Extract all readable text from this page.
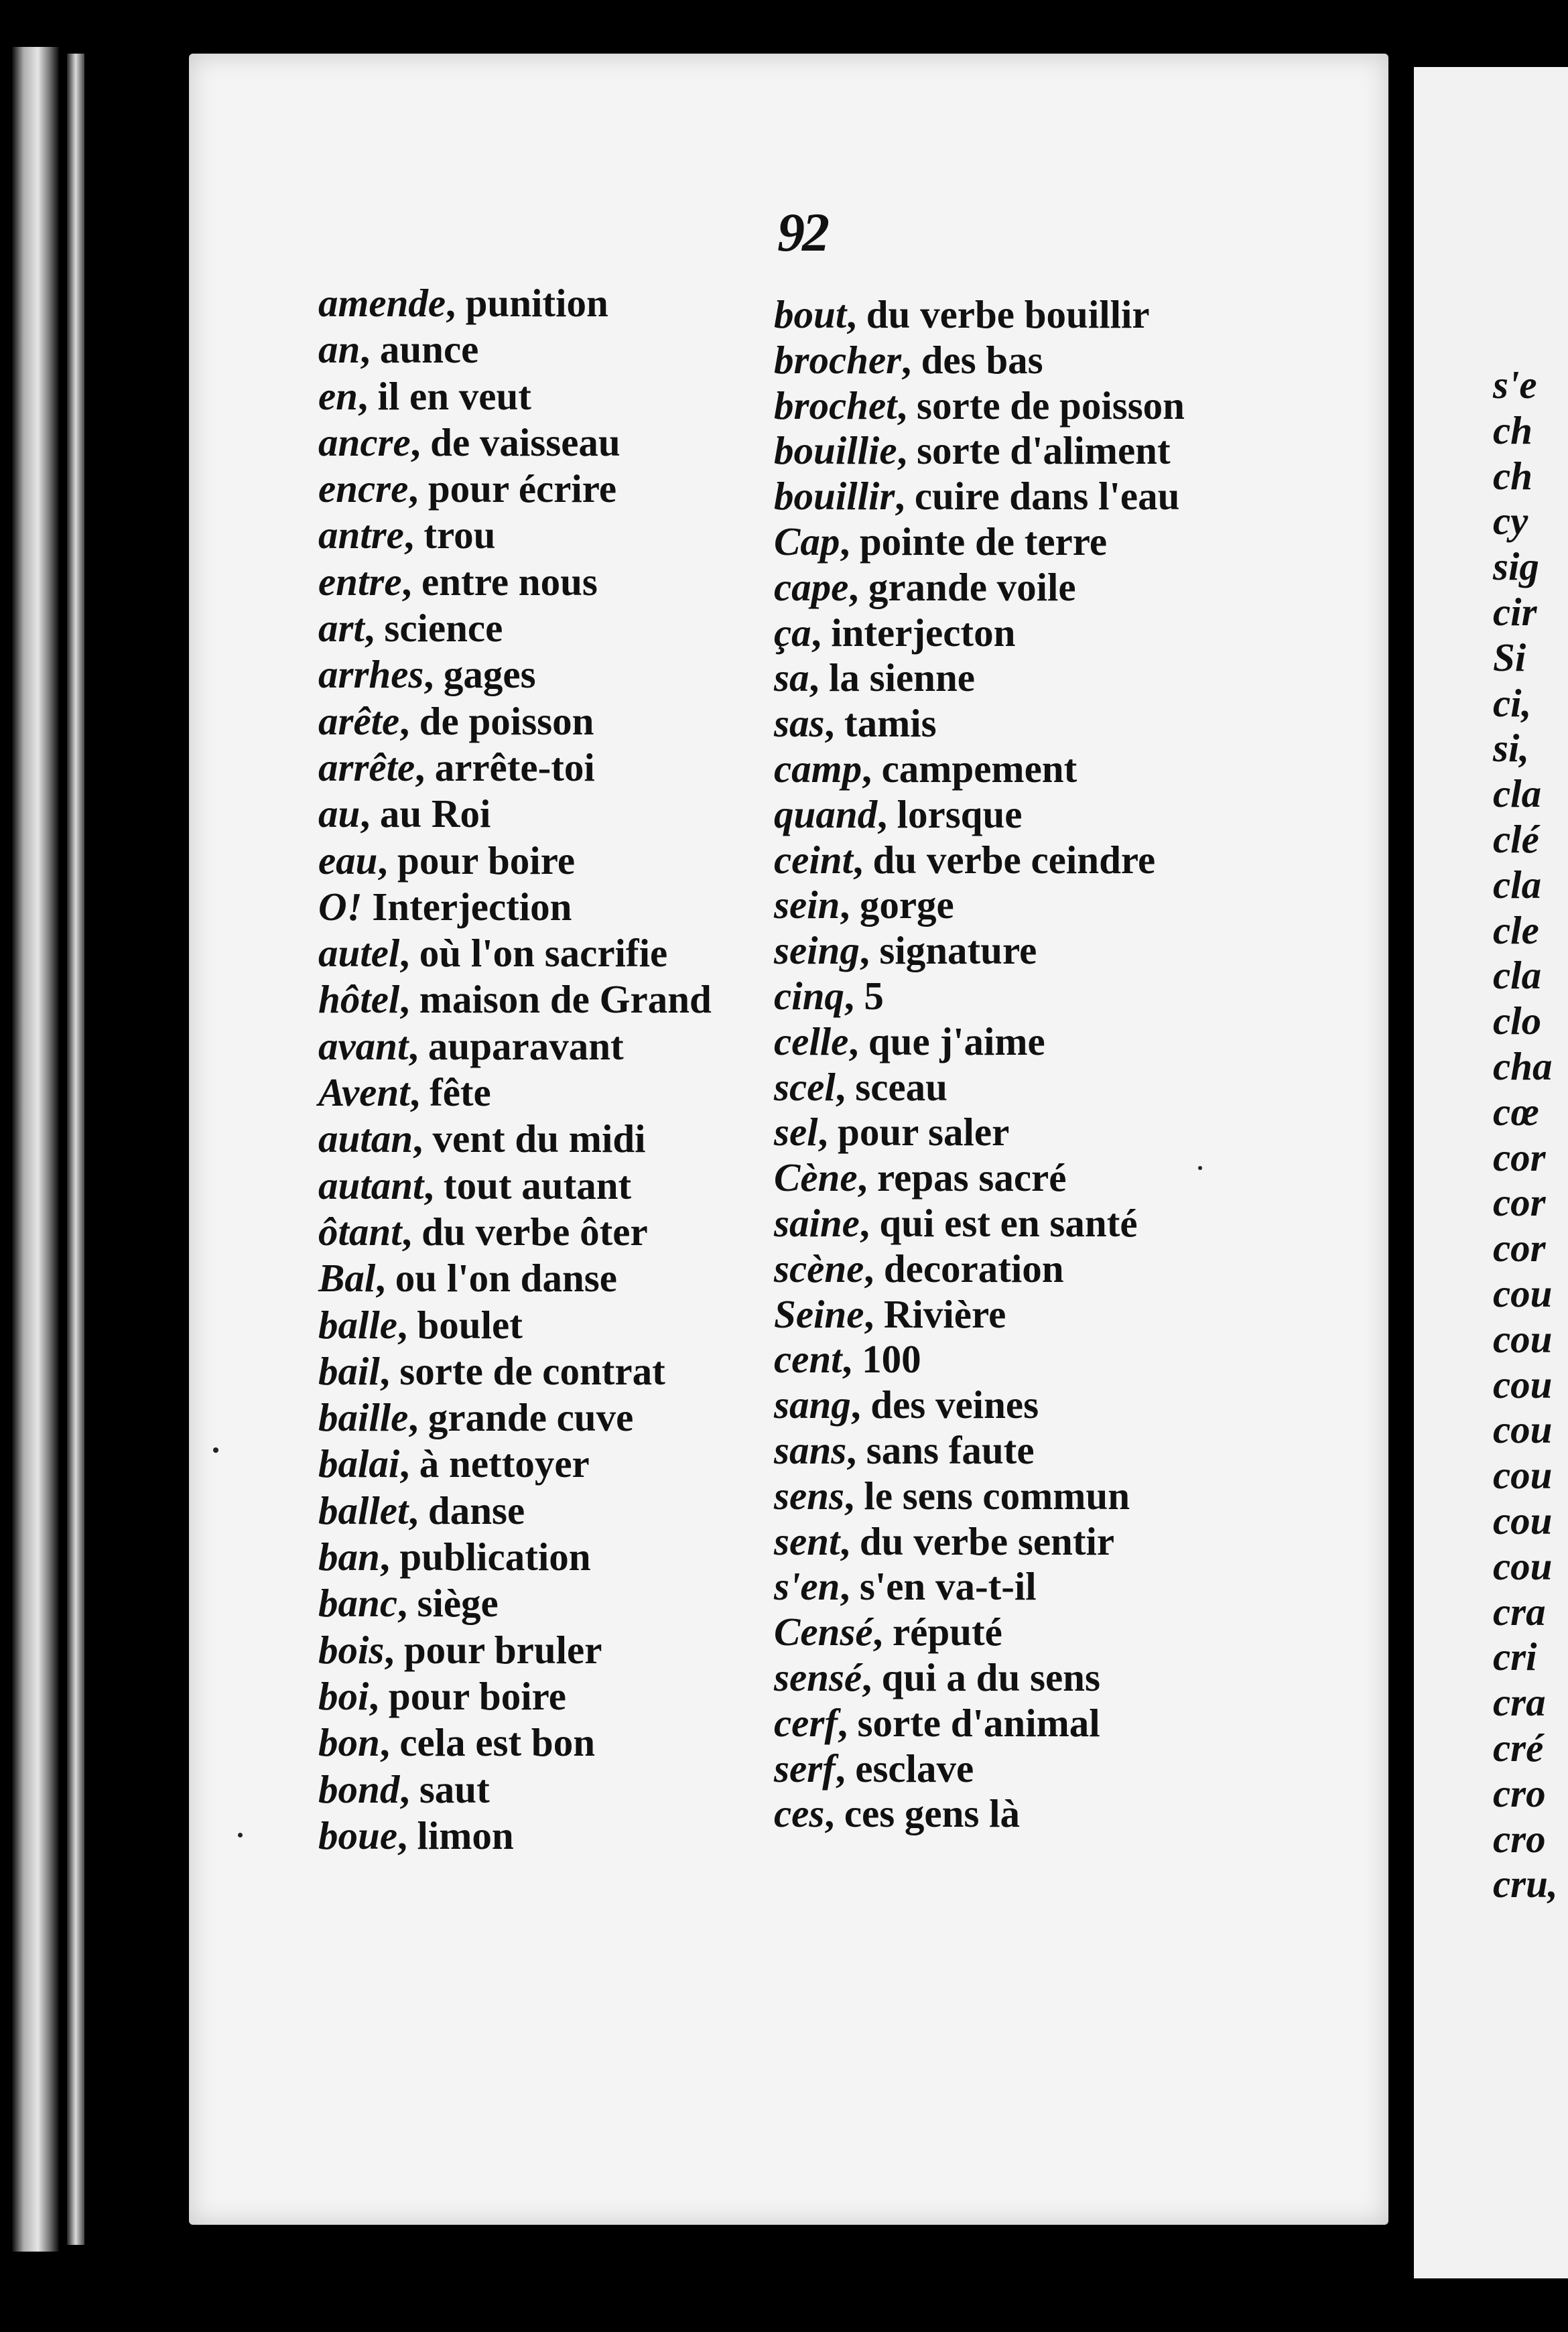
92
amende, punition
an, aunce
en, il en veut
ancre, de vaisseau
encre, pour écrire
antre, trou
entre, entre nous
art, science
arrhes, gages
arête, de poisson
arrête, arrête-toi
au, au Roi
eau, pour boire
O! Interjection
autel, où l'on sacrifie
hôtel, maison de Grand
avant, auparavant
Avent, fête
autan, vent du midi
autant, tout autant
ôtant, du verbe ôter
Bal, ou l'on danse
balle, boulet
bail, sorte de contrat
baille, grande cuve
balai, à nettoyer
ballet, danse
ban, publication
banc, siège
bois, pour bruler
boi, pour boire
bon, cela est bon
bond, saut
boue, limon
bout, du verbe bouillir
brocher, des bas
brochet, sorte de poisson
bouillie, sorte d'aliment
bouillir, cuire dans l'eau
Cap, pointe de terre
cape, grande voile
ça, interjecton
sa, la sienne
sas, tamis
camp, campement
quand, lorsque
ceint, du verbe ceindre
sein, gorge
seing, signature
cinq, 5
celle, que j'aime
scel, sceau
sel, pour saler
Cène, repas sacré
saine, qui est en santé
scène, decoration
Seine, Rivière
cent, 100
sang, des veines
sans, sans faute
sens, le sens commun
sent, du verbe sentir
s'en, s'en va-t-il
Censé, réputé
sensé, qui a du sens
cerf, sorte d'animal
serf, esclave
ces, ces gens là
s'e
ch
ch
cy
sig
cir
Si
ci,
si,
cla
clé
cla
cle
cla
clo
cha
cœ
cor
cor
cor
cou
cou
cou
cou
cou
cou
cou
cra
cri
cra
cré
cro
cro
cru,
